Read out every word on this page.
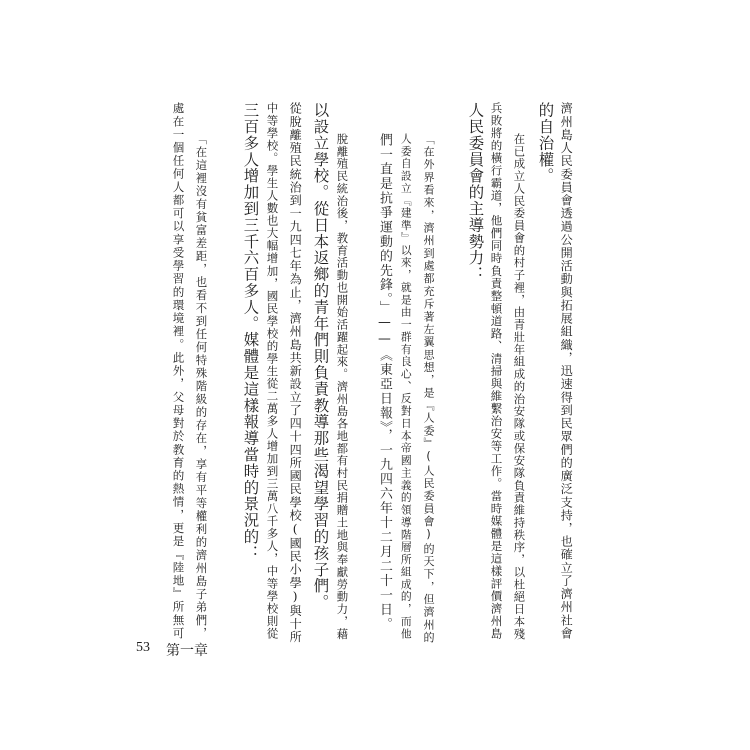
濟州島人民委員會透過公開活動與拓展組織，迅速得到民眾們的廣泛支持，也確立了濟州社會
的自治權。
在已成立人民委員會的村子裡，由青壯年組成的治安隊或保安隊負責維持秩序，以杜絕日本殘
兵敗將的橫行霸道，他們同時負責整頓道路、清掃與維繫治安等工作。當時媒體是這樣評價濟州島
人民委員會的主導勢力：
「在外界看來，濟州到處都充斥著左翼思想，是『人委』(人民委員會)的天下，但濟州的
人委自設立『建準』以來，就是由一群有良心、反對日本帝國主義的領導階層所組成的，而他
們一直是抗爭運動的先鋒。」——《東亞日報》，一九四六年十二月二十一日。
脫離殖民統治後，教育活動也開始活躍起來。濟州島各地都有村民捐贈土地與奉獻勞動力，藉
以設立學校。從日本返鄉的青年們則負責教導那些渴望學習的孩子們。
從脫離殖民統治到一九四七年為止，濟州島共新設立了四十四所國民學校(國民小學)與十所
中等學校。學生人數也大幅增加，國民學校的學生從二萬多人增加到三萬八千多人，中等學校則從
三百多人增加到三千六百多人。媒體是這樣報導當時的景況的：
「在這裡沒有貧富差距，也看不到任何特殊階級的存在，享有平等權利的濟州島子弟們，
處在一個任何人都可以享受學習的環境裡。此外，父母對於教育的熱情，更是『陸地』所無可
53 第一章
